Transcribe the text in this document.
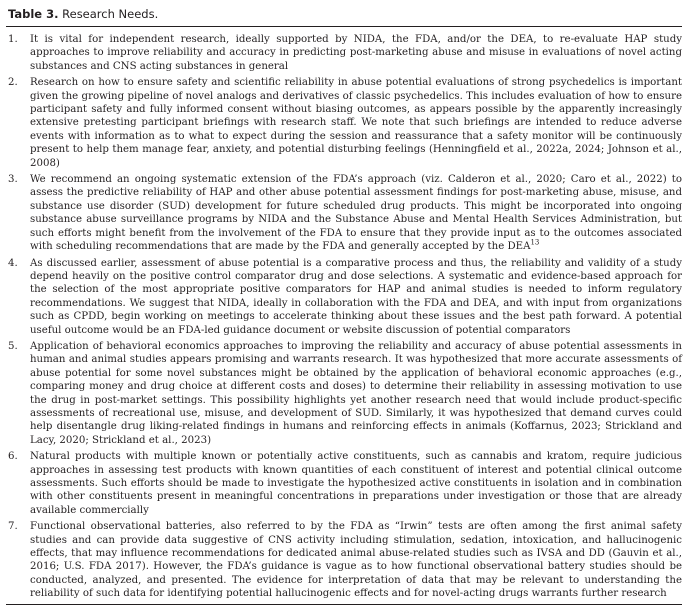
Table 3. Research Needs.
1.	It is vital for independent research, ideally supported by NIDA, the FDA, and/or the DEA, to re-evaluate HAP study approaches to improve reliability and accuracy in predicting post-marketing abuse and misuse in evaluations of novel acting substances and CNS acting substances in general
2.	Research on how to ensure safety and scientific reliability in abuse potential evaluations of strong psychedelics is important given the growing pipeline of novel analogs and derivatives of classic psychedelics. This includes evaluation of how to ensure participant safety and fully informed consent without biasing outcomes, as appears possible by the apparently increasingly extensive pretesting participant briefings with research staff. We note that such briefings are intended to reduce adverse events with information as to what to expect during the session and reassurance that a safety monitor will be continuously present to help them manage fear, anxiety, and potential disturbing feelings (Henningfield et al., 2022a, 2024; Johnson et al., 2008)
3.	We recommend an ongoing systematic extension of the FDA’s approach (viz. Calderon et al., 2020; Caro et al., 2022) to assess the predictive reliability of HAP and other abuse potential assessment findings for post-marketing abuse, misuse, and substance use disorder (SUD) development for future scheduled drug products. This might be incorporated into ongoing substance abuse surveillance programs by NIDA and the Substance Abuse and Mental Health Services Administration, but such efforts might benefit from the involvement of the FDA to ensure that they provide input as to the outcomes associated with scheduling recommendations that are made by the FDA and generally accepted by the DEA$^{13}$
4.	As discussed earlier, assessment of abuse potential is a comparative process and thus, the reliability and validity of a study depend heavily on the positive control comparator drug and dose selections. A systematic and evidence-based approach for the selection of the most appropriate positive comparators for HAP and animal studies is needed to inform regulatory recommendations. We suggest that NIDA, ideally in collaboration with the FDA and DEA, and with input from organizations such as CPDD, begin working on meetings to accelerate thinking about these issues and the best path forward. A potential useful outcome would be an FDA-led guidance document or website discussion of potential comparators
5.	Application of behavioral economics approaches to improving the reliability and accuracy of abuse potential assessments in human and animal studies appears promising and warrants research. It was hypothesized that more accurate assessments of abuse potential for some novel substances might be obtained by the application of behavioral economic approaches (e.g., comparing money and drug choice at different costs and doses) to determine their reliability in assessing motivation to use the drug in post-market settings. This possibility highlights yet another research need that would include product-specific assessments of recreational use, misuse, and development of SUD. Similarly, it was hypothesized that demand curves could help disentangle drug liking-related findings in humans and reinforcing effects in animals (Koffarnus, 2023; Strickland and Lacy, 2020; Strickland et al., 2023)
6.	Natural products with multiple known or potentially active constituents, such as cannabis and kratom, require judicious approaches in assessing test products with known quantities of each constituent of interest and potential clinical outcome assessments. Such efforts should be made to investigate the hypothesized active constituents in isolation and in combination with other constituents present in meaningful concentrations in preparations under investigation or those that are already available commercially
7.	Functional observational batteries, also referred to by the FDA as “Irwin” tests are often among the first animal safety studies and can provide data suggestive of CNS activity including stimulation, sedation, intoxication, and hallucinogenic effects, that may influence recommendations for dedicated animal abuse-related studies such as IVSA and DD (Gauvin et al., 2016; U.S. FDA 2017). However, the FDA’s guidance is vague as to how functional observational battery studies should be conducted, analyzed, and presented. The evidence for interpretation of data that may be relevant to understanding the reliability of such data for identifying potential hallucinogenic effects and for novel-acting drugs warrants further research
